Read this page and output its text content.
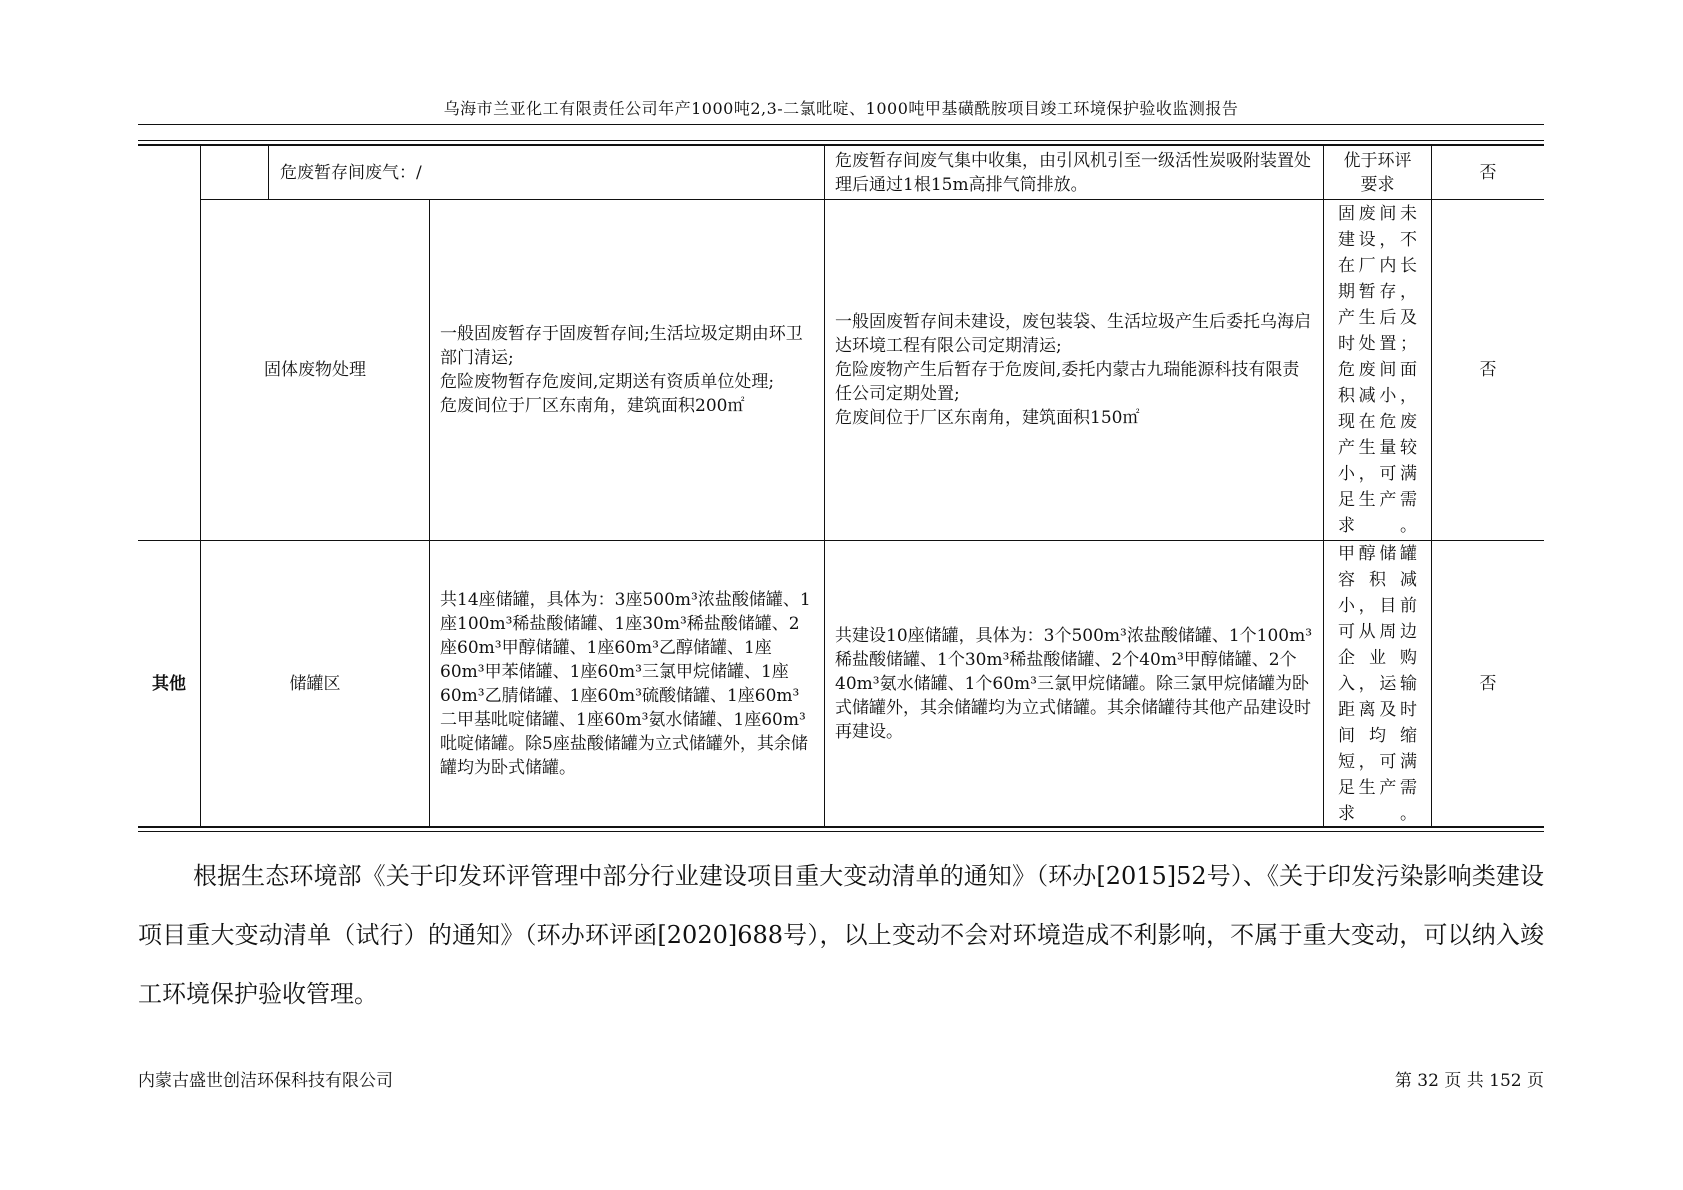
乌海市兰亚化工有限责任公司年产1000吨2,3-二氯吡啶、1000吨甲基磺酰胺项目竣工环境保护验收监测报告
危废暂存间废气：/
危废暂存间废气集中收集，由引风机引至一级活性炭吸附装置处理后通过1根15m高排气筒排放。
优于环评要求
否
固体废物处理
一般固废暂存于固废暂存间;生活垃圾定期由环卫部门清运;
危险废物暂存危废间,定期送有资质单位处理;
危废间位于厂区东南角，建筑面积200㎡
一般固废暂存间未建设，废包装袋、生活垃圾产生后委托乌海启达环境工程有限公司定期清运;
危险废物产生后暂存于危废间,委托内蒙古九瑞能源科技有限责任公司定期处置;
危废间位于厂区东南角，建筑面积150㎡
固废间未建设，不在厂内长期暂存，产生后及时处置；危废间面积减小，现在危废产生量较小，可满足生产需求。
否
其他	储罐区
共14座储罐，具体为：3座500m³浓盐酸储罐、1座100m³稀盐酸储罐、1座30m³稀盐酸储罐、2座60m³甲醇储罐、1座60m³乙醇储罐、1座60m³甲苯储罐、1座60m³三氯甲烷储罐、1座60m³乙腈储罐、1座60m³硫酸储罐、1座60m³二甲基吡啶储罐、1座60m³氨水储罐、1座60m³吡啶储罐。除5座盐酸储罐为立式储罐外，其余储罐均为卧式储罐。
共建设10座储罐，具体为：3个500m³浓盐酸储罐、1个100m³稀盐酸储罐、1个30m³稀盐酸储罐、2个40m³甲醇储罐、2个40m³氨水储罐、1个60m³三氯甲烷储罐。除三氯甲烷储罐为卧式储罐外，其余储罐均为立式储罐。其余储罐待其他产品建设时再建设。
甲醇储罐容积减小，目前可从周边企业购入，运输距离及时间均缩短，可满足生产需求。
否
根据生态环境部《关于印发环评管理中部分行业建设项目重大变动清单的通知》（环办[2015]52号）、《关于印发污染影响类建设项目重大变动清单（试行）的通知》（环办环评函[2020]688号），以上变动不会对环境造成不利影响，不属于重大变动，可以纳入竣工环境保护验收管理。
内蒙古盛世创洁环保科技有限公司	第 32 页 共 152 页
